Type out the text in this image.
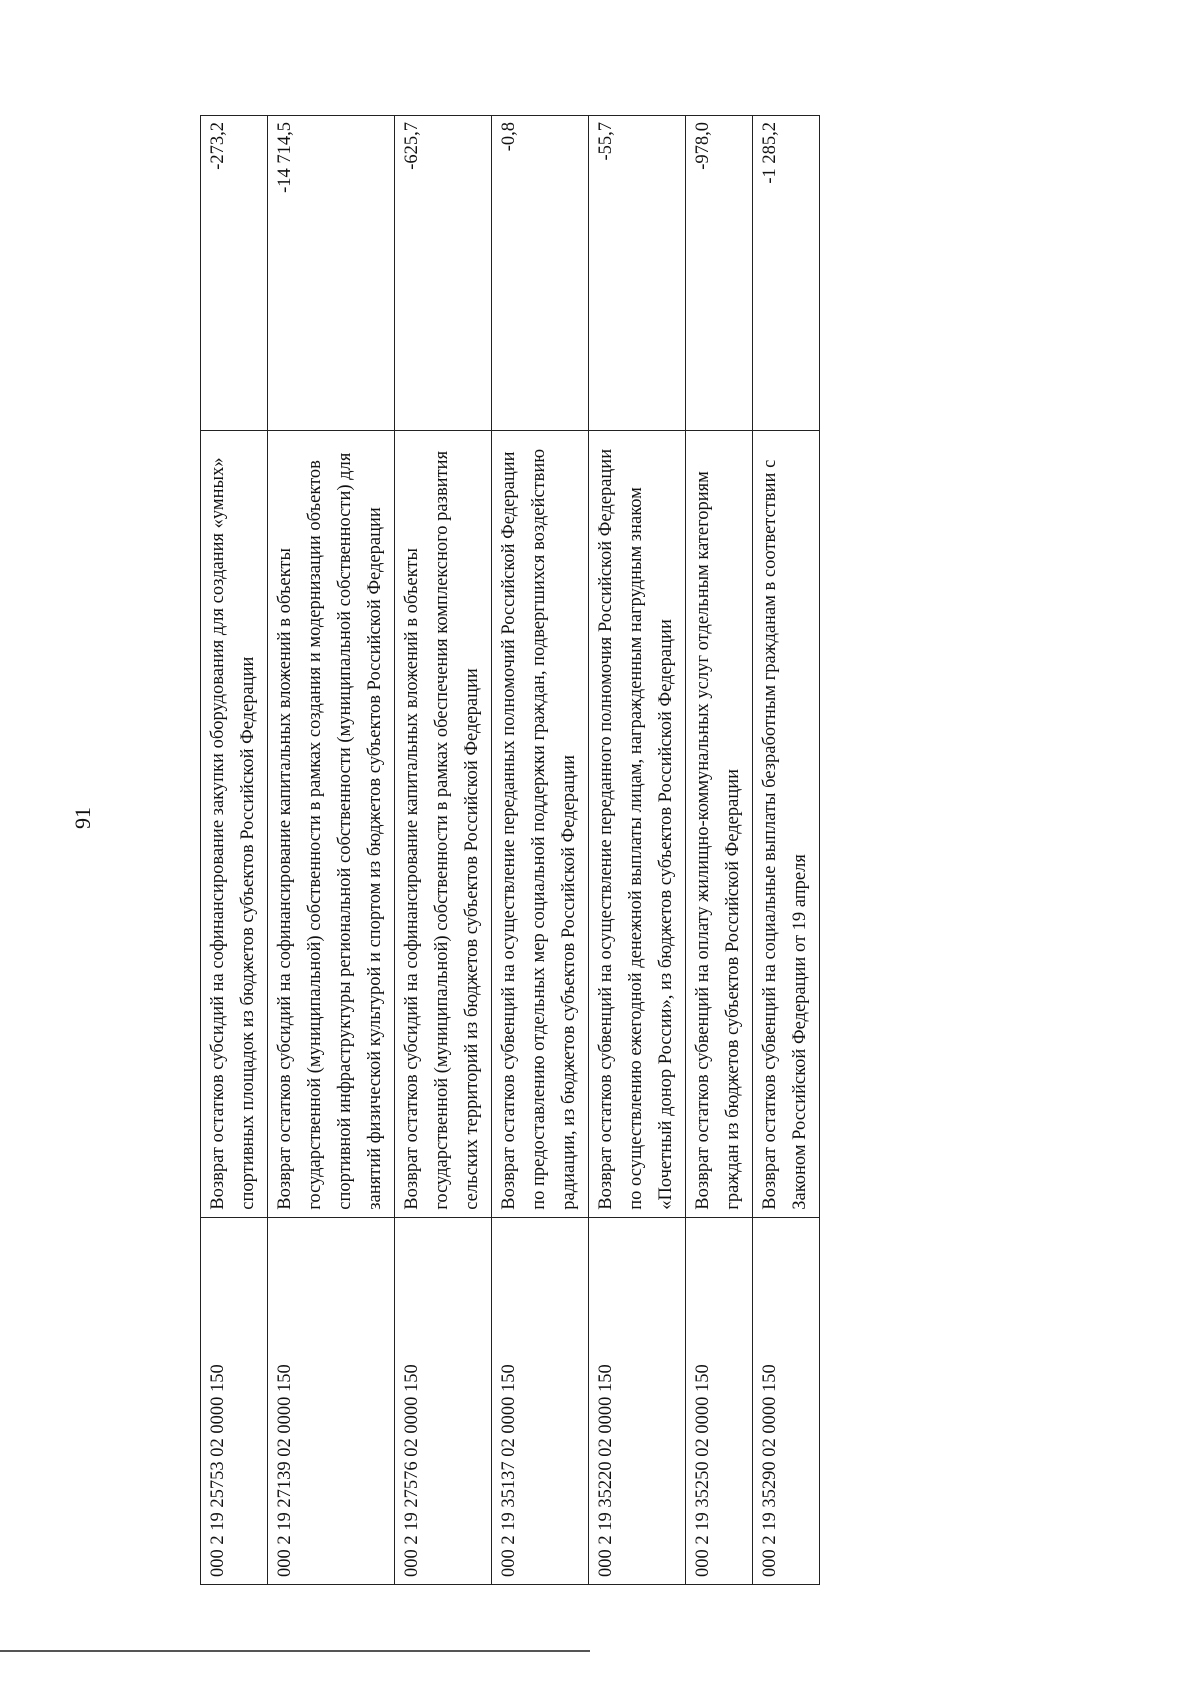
91
000 2 19 25753 02 0000 150	Возврат остатков субсидий на софинансирование закупки оборудования для создания «умных» спортивных площадок из бюджетов субъектов Российской Федерации	-273,2
000 2 19 27139 02 0000 150	Возврат остатков субсидий на софинансирование капитальных вложений в объекты государственной (муниципальной) собственности в рамках создания и модернизации объектов спортивной инфраструктуры региональной собственности (муниципальной собственности) для занятий физической культурой и спортом из бюджетов субъектов Российской Федерации	-14 714,5
000 2 19 27576 02 0000 150	Возврат остатков субсидий на софинансирование капитальных вложений в объекты государственной (муниципальной) собственности в рамках обеспечения комплексного развития сельских территорий из бюджетов субъектов Российской Федерации	-625,7
000 2 19 35137 02 0000 150	Возврат остатков субвенций на осуществление переданных полномочий Российской Федерации по предоставлению отдельных мер социальной поддержки граждан, подвергшихся воздействию радиации, из бюджетов субъектов Российской Федерации	-0,8
000 2 19 35220 02 0000 150	Возврат остатков субвенций на осуществление переданного полномочия Российской Федерации по осуществлению ежегодной денежной выплаты лицам, награжденным нагрудным знаком «Почетный донор России», из бюджетов субъектов Российской Федерации	-55,7
000 2 19 35250 02 0000 150	Возврат остатков субвенций на оплату жилищно-коммунальных услуг отдельным категориям граждан из бюджетов субъектов Российской Федерации	-978,0
000 2 19 35290 02 0000 150	Возврат остатков субвенций на социальные выплаты безработным гражданам в соответствии с Законом Российской Федерации от 19 апреля	-1 285,2
